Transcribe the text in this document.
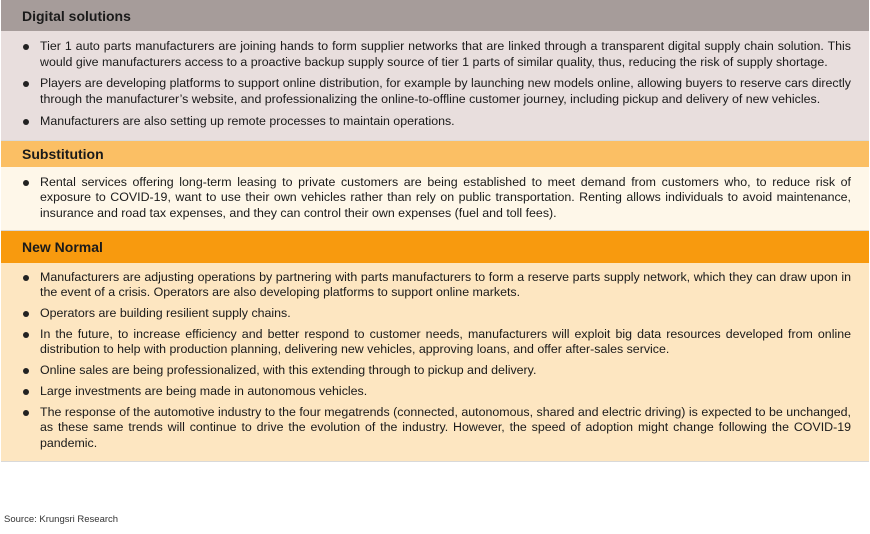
Digital solutions
Tier 1 auto parts manufacturers are joining hands to form supplier networks that are linked through a transparent digital supply chain solution. This would give manufacturers access to a proactive backup supply source of tier 1 parts of similar quality, thus, reducing the risk of supply shortage.
Players are developing platforms to support online distribution, for example by launching new models online, allowing buyers to reserve cars directly through the manufacturer’s website, and professionalizing the online-to-offline customer journey, including pickup and delivery of new vehicles.
Manufacturers are also setting up remote processes to maintain operations.
Substitution
Rental services offering long-term leasing to private customers are being established to meet demand from customers who, to reduce risk of exposure to COVID-19, want to use their own vehicles rather than rely on public transportation. Renting allows individuals to avoid maintenance, insurance and road tax expenses, and they can control their own expenses (fuel and toll fees).
New Normal
Manufacturers are adjusting operations by partnering with parts manufacturers to form a reserve parts supply network, which they can draw upon in the event of a crisis. Operators are also developing platforms to support online markets.
Operators are building resilient supply chains.
In the future, to increase efficiency and better respond to customer needs, manufacturers will exploit big data resources developed from online distribution to help with production planning, delivering new vehicles, approving loans, and offer after-sales service.
Online sales are being professionalized, with this extending through to pickup and delivery.
Large investments are being made in autonomous vehicles.
The response of the automotive industry to the four megatrends (connected, autonomous, shared and electric driving) is expected to be unchanged, as these same trends will continue to drive the evolution of the industry. However, the speed of adoption might change following the COVID-19 pandemic.
Source: Krungsri Research
